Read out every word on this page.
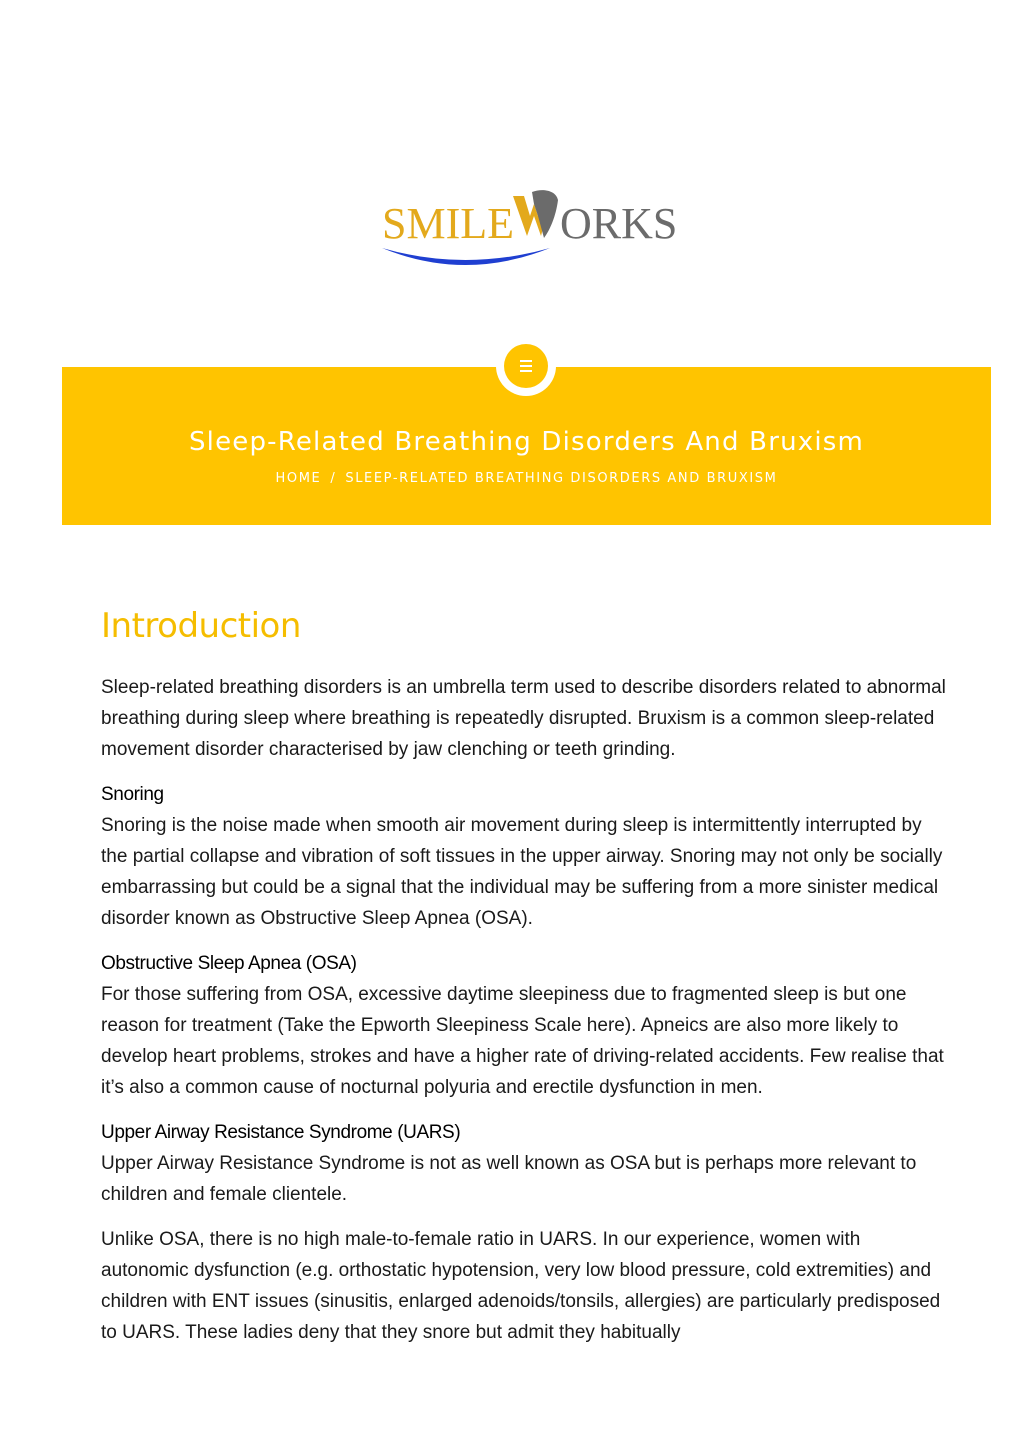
SMILE ORKS
Sleep-Related Breathing Disorders And Bruxism
HOME / SLEEP-RELATED BREATHING DISORDERS AND BRUXISM
Introduction

Sleep-related breathing disorders is an umbrella term used to describe disorders related to abnormal breathing during sleep where breathing is repeatedly disrupted. Bruxism is a common sleep-related movement disorder characterised by jaw clenching or teeth grinding.

Snoring

Snoring is the noise made when smooth air movement during sleep is intermittently interrupted by the partial collapse and vibration of soft tissues in the upper airway. Snoring may not only be socially embarrassing but could be a signal that the individual may be suffering from a more sinister medical disorder known as Obstructive Sleep Apnea (OSA).

Obstructive Sleep Apnea (OSA)

For those suffering from OSA, excessive daytime sleepiness due to fragmented sleep is but one reason for treatment (Take the Epworth Sleepiness Scale here). Apneics are also more likely to develop heart problems, strokes and have a higher rate of driving-related accidents. Few realise that it’s also a common cause of nocturnal polyuria and erectile dysfunction in men.

Upper Airway Resistance Syndrome (UARS)

Upper Airway Resistance Syndrome is not as well known as OSA but is perhaps more relevant to children and female clientele.

Unlike OSA, there is no high male-to-female ratio in UARS. In our experience, women with autonomic dysfunction (e.g. orthostatic hypotension, very low blood pressure, cold extremities) and children with ENT issues (sinusitis, enlarged adenoids/tonsils, allergies) are particularly predisposed to UARS. These ladies deny that they snore but admit they habitually
